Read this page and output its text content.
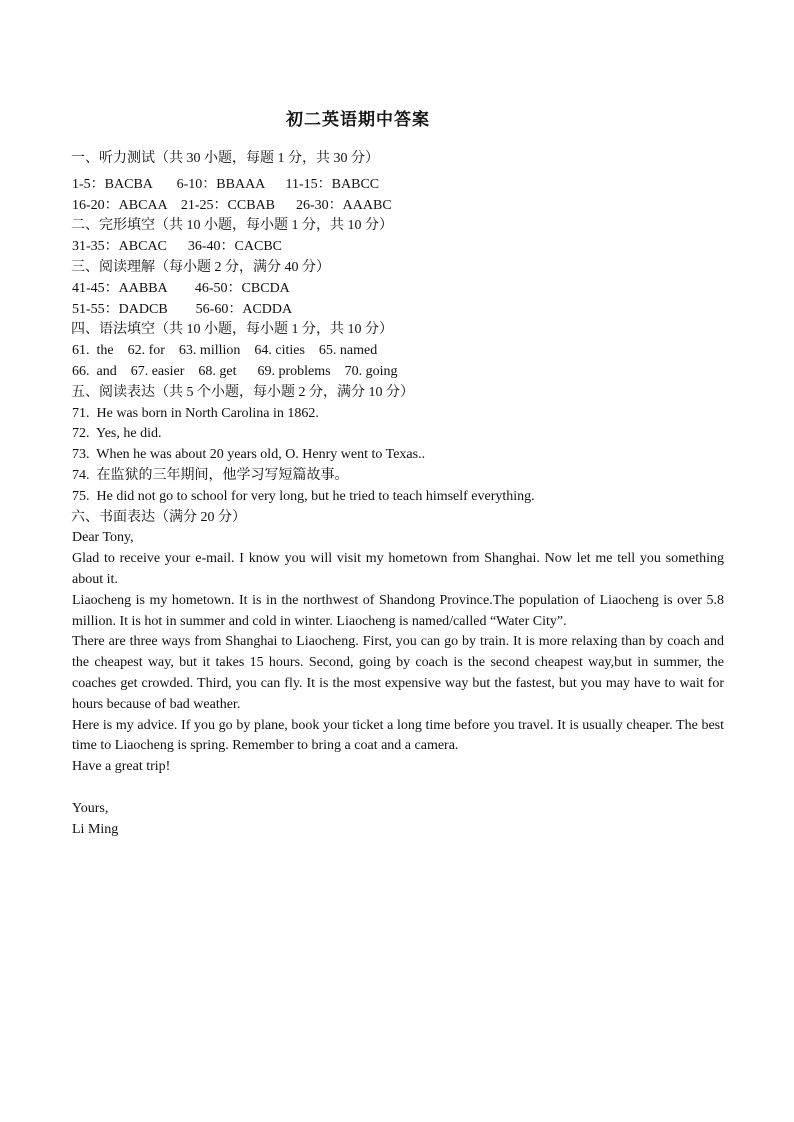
初二英语期中答案
一、听力测试（共 30 小题，每题 1 分，共 30 分）
1-5：BACBA       6-10：BBAAA      11-15：BABCC
16-20：ABCAA    21-25：CCBAB      26-30：AAABC
二、完形填空（共 10 小题，每小题 1 分，共 10 分）
31-35：ABCAC      36-40：CACBC
三、阅读理解（每小题 2 分，满分 40 分）
41-45：AABBA        46-50：CBCDA
51-55：DADCB        56-60：ACDDA
四、语法填空（共 10 小题，每小题 1 分，共 10 分）
61.  the    62. for    63. million    64. cities    65. named
66.  and    67. easier    68. get      69. problems    70. going
五、阅读表达（共 5 个小题，每小题 2 分，满分 10 分）
71.  He was born in North Carolina in 1862.
72.  Yes, he did.
73.  When he was about 20 years old, O. Henry went to Texas..
74.  在监狱的三年期间，他学习写短篇故事。
75.  He did not go to school for very long, but he tried to teach himself everything.
六、书面表达（满分 20 分）
Dear Tony,
Glad to receive your e-mail. I know you will visit my hometown from Shanghai. Now let me tell you something about it.
Liaocheng is my hometown. It is in the northwest of Shandong Province.The population of Liaocheng is over 5.8 million. It is hot in summer and cold in winter. Liaocheng is named/called “Water City”.
There are three ways from Shanghai to Liaocheng. First, you can go by train. It is more relaxing than by coach and the cheapest way, but it takes 15 hours. Second, going by coach is the second cheapest way,but in summer, the coaches get crowded. Third, you can fly. It is the most expensive way but the fastest, but you may have to wait for hours because of bad weather.
Here is my advice. If you go by plane, book your ticket a long time before you travel. It is usually cheaper. The best time to Liaocheng is spring. Remember to bring a coat and a camera.
Have a great trip!
Yours,
Li Ming
